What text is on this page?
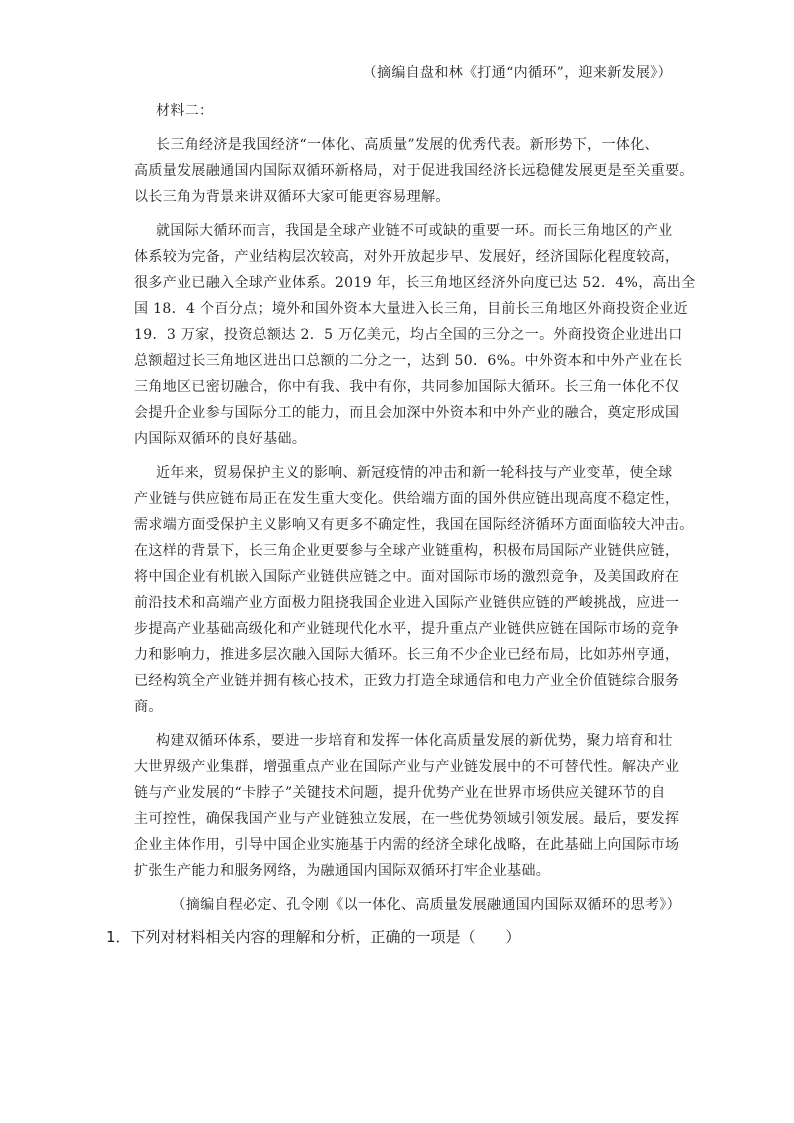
（摘编自盘和林《打通“内循环”，迎来新发展》）
材料二：
长三角经济是我国经济“一体化、高质量”发展的优秀代表。新形势下，一体化、
高质量发展融通国内国际双循环新格局，对于促进我国经济长远稳健发展更是至关重要。
以长三角为背景来讲双循环大家可能更容易理解。
就国际大循环而言，我国是全球产业链不可或缺的重要一环。而长三角地区的产业
体系较为完备，产业结构层次较高，对外开放起步早、发展好，经济国际化程度较高，
很多产业已融入全球产业体系。2019 年，长三角地区经济外向度已达 52．4%，高出全
国 18．4 个百分点；境外和国外资本大量进入长三角，目前长三角地区外商投资企业近
19．3 万家，投资总额达 2．5 万亿美元，均占全国的三分之一。外商投资企业进出口
总额超过长三角地区进出口总额的二分之一，达到 50．6%。中外资本和中外产业在长
三角地区已密切融合，你中有我、我中有你，共同参加国际大循环。长三角一体化不仅
会提升企业参与国际分工的能力，而且会加深中外资本和中外产业的融合，奠定形成国
内国际双循环的良好基础。
近年来，贸易保护主义的影响、新冠疫情的冲击和新一轮科技与产业变革，使全球
产业链与供应链布局正在发生重大变化。供给端方面的国外供应链出现高度不稳定性，
需求端方面受保护主义影响又有更多不确定性，我国在国际经济循环方面面临较大冲击。
在这样的背景下，长三角企业更要参与全球产业链重构，积极布局国际产业链供应链，
将中国企业有机嵌入国际产业链供应链之中。面对国际市场的激烈竞争，及美国政府在
前沿技术和高端产业方面极力阻挠我国企业进入国际产业链供应链的严峻挑战，应进一
步提高产业基础高级化和产业链现代化水平，提升重点产业链供应链在国际市场的竞争
力和影响力，推进多层次融入国际大循环。长三角不少企业已经布局，比如苏州亨通，
已经构筑全产业链并拥有核心技术，正致力打造全球通信和电力产业全价值链综合服务
商。
构建双循环体系，要进一步培育和发挥一体化高质量发展的新优势，聚力培育和壮
大世界级产业集群，增强重点产业在国际产业与产业链发展中的不可替代性。解决产业
链与产业发展的“卡脖子”关键技术问题，提升优势产业在世界市场供应关键环节的自
主可控性，确保我国产业与产业链独立发展，在一些优势领域引领发展。最后，要发挥
企业主体作用，引导中国企业实施基于内需的经济全球化战略，在此基础上向国际市场
扩张生产能力和服务网络，为融通国内国际双循环打牢企业基础。
（摘编自程必定、孔令刚《以一体化、高质量发展融通国内国际双循环的思考》）
1．下列对材料相关内容的理解和分析，正确的一项是（　　）
